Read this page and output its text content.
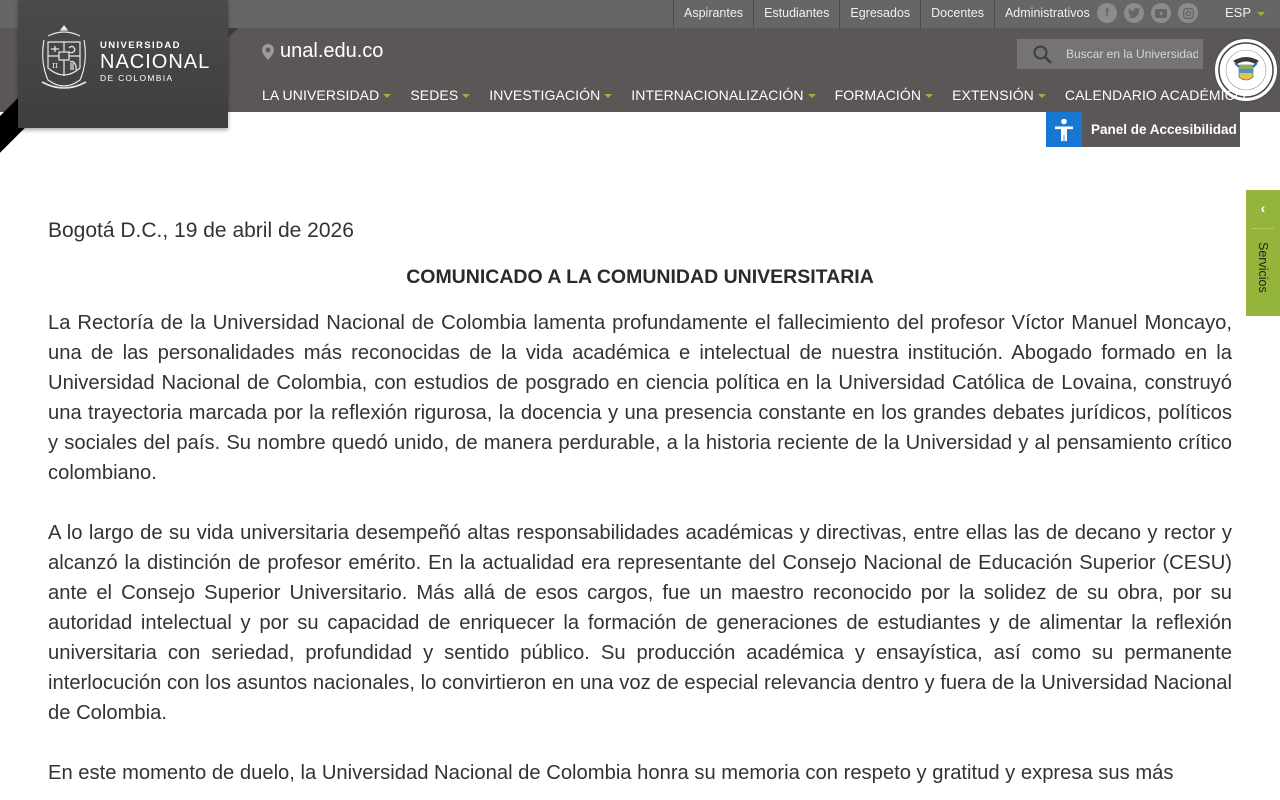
Aspirantes	Estudiantes	Egresados	Docentes	Administrativos	f	ESP
unal.edu.co
Buscar en la Universidad
LA UNIVERSIDAD	SEDES	INVESTIGACIÓN	INTERNACIONALIZACIÓN	FORMACIÓN	EXTENSIÓN	CALENDARIO ACADÉMICO
π
UNIVERSIDAD
NACIONAL
DE COLOMBIA
Panel de Accesibilidad
‹
Servicios
Bogotá D.C., 19 de abril de 2026
COMUNICADO A LA COMUNIDAD UNIVERSITARIA

La Rectoría de la Universidad Nacional de Colombia lamenta profundamente el fallecimiento del profesor Víctor Manuel Moncayo, una de las personalidades más reconocidas de la vida académica e intelectual de nuestra institución. Abogado formado en la Universidad Nacional de Colombia, con estudios de posgrado en ciencia política en la Universidad Católica de Lovaina, construyó una trayectoria marcada por la reflexión rigurosa, la docencia y una presencia constante en los grandes debates jurídicos, políticos y sociales del país. Su nombre quedó unido, de manera perdurable, a la historia reciente de la Universidad y al pensamiento crítico colombiano.

A lo largo de su vida universitaria desempeñó altas responsabilidades académicas y directivas, entre ellas las de decano y rector y alcanzó la distinción de profesor emérito. En la actualidad era representante del Consejo Nacional de Educación Superior (CESU) ante el Consejo Superior Universitario. Más allá de esos cargos, fue un maestro reconocido por la solidez de su obra, por su autoridad intelectual y por su capacidad de enriquecer la formación de generaciones de estudiantes y de alimentar la reflexión universitaria con seriedad, profundidad y sentido público. Su producción académica y ensayística, así como su permanente interlocución con los asuntos nacionales, lo convirtieron en una voz de especial relevancia dentro y fuera de la Universidad Nacional de Colombia.

En este momento de duelo, la Universidad Nacional de Colombia honra su memoria con respeto y gratitud y expresa sus más
